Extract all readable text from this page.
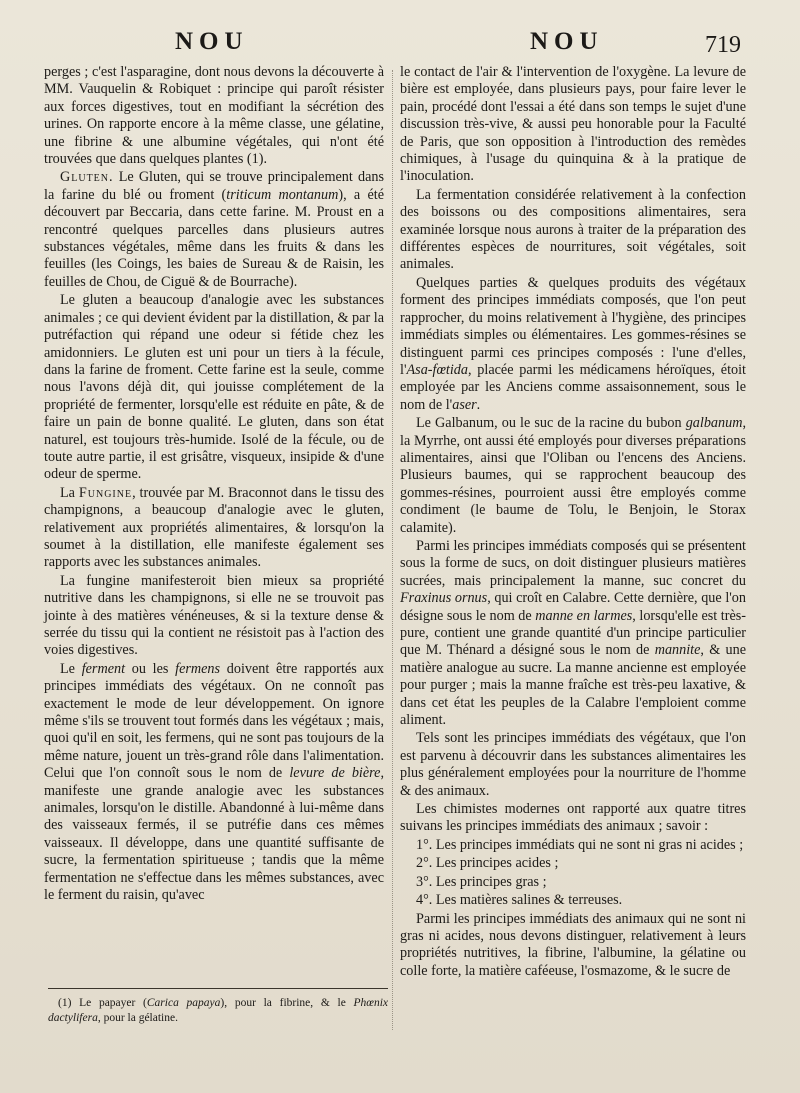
NOU	NOU	719

perges ; c'est l'asparagine, dont nous devons la découverte à MM. Vauquelin & Robiquet : principe qui paroît résister aux forces digestives, tout en modifiant la sécrétion des urines. On rapporte encore à la même classe, une gélatine, une fibrine & une albumine végétales, qui n'ont été trouvées que dans quelques plantes (1).

Gluten. Le Gluten, qui se trouve principalement dans la farine du blé ou froment (triticum montanum), a été découvert par Beccaria, dans cette farine. M. Proust en a rencontré quelques parcelles dans plusieurs autres substances végétales, même dans les fruits & dans les feuilles (les Coings, les baies de Sureau & de Raisin, les feuilles de Chou, de Ciguë & de Bourrache).

Le gluten a beaucoup d'analogie avec les substances animales ; ce qui devient évident par la distillation, & par la putréfaction qui répand une odeur si fétide chez les amidonniers. Le gluten est uni pour un tiers à la fécule, dans la farine de froment. Cette farine est la seule, comme nous l'avons déjà dit, qui jouisse complétement de la propriété de fermenter, lorsqu'elle est réduite en pâte, & de faire un pain de bonne qualité. Le gluten, dans son état naturel, est toujours très-humide. Isolé de la fécule, ou de toute autre partie, il est grisâtre, visqueux, insipide & d'une odeur de sperme.

La Fungine, trouvée par M. Braconnot dans le tissu des champignons, a beaucoup d'analogie avec le gluten, relativement aux propriétés alimentaires, & lorsqu'on la soumet à la distillation, elle manifeste également ses rapports avec les substances animales.

La fungine manifesteroit bien mieux sa propriété nutritive dans les champignons, si elle ne se trouvoit pas jointe à des matières vénéneuses, & si la texture dense & serrée du tissu qui la contient ne résistoit pas à l'action des voies digestives.

Le ferment ou les fermens doivent être rapportés aux principes immédiats des végétaux. On ne connoît pas exactement le mode de leur développement. On ignore même s'ils se trouvent tout formés dans les végétaux ; mais, quoi qu'il en soit, les fermens, qui ne sont pas toujours de la même nature, jouent un très-grand rôle dans l'alimentation. Celui que l'on connoît sous le nom de levure de bière, manifeste une grande analogie avec les substances animales, lorsqu'on le distille. Abandonné à lui-même dans des vaisseaux fermés, il se putréfie dans ces mêmes vaisseaux. Il développe, dans une quantité suffisante de sucre, la fermentation spiritueuse ; tandis que la même fermentation ne s'effectue dans les mêmes substances, avec le ferment du raisin, qu'avec

(1) Le papayer (Carica papaya), pour la fibrine, & le Phœnix dactylifera, pour la gélatine.

le contact de l'air & l'intervention de l'oxygène. La levure de bière est employée, dans plusieurs pays, pour faire lever le pain, procédé dont l'essai a été dans son temps le sujet d'une discussion très-vive, & aussi peu honorable pour la Faculté de Paris, que son opposition à l'introduction des remèdes chimiques, à l'usage du quinquina & à la pratique de l'inoculation.

La fermentation considérée relativement à la confection des boissons ou des compositions alimentaires, sera examinée lorsque nous aurons à traiter de la préparation des différentes espèces de nourritures, soit végétales, soit animales.

Quelques parties & quelques produits des végétaux forment des principes immédiats composés, que l'on peut rapprocher, du moins relativement à l'hygiène, des principes immédiats simples ou élémentaires. Les gommes-résines se distinguent parmi ces principes composés : l'une d'elles, l'Asa-fœtida, placée parmi les médicamens héroïques, étoit employée par les Anciens comme assaisonnement, sous le nom de l'aser.

Le Galbanum, ou le suc de la racine du bubon galbanum, la Myrrhe, ont aussi été employés pour diverses préparations alimentaires, ainsi que l'Oliban ou l'encens des Anciens. Plusieurs baumes, qui se rapprochent beaucoup des gommes-résines, pourroient aussi être employés comme condiment (le baume de Tolu, le Benjoin, le Storax calamite).

Parmi les principes immédiats composés qui se présentent sous la forme de sucs, on doit distinguer plusieurs matières sucrées, mais principalement la manne, suc concret du Fraxinus ornus, qui croît en Calabre. Cette dernière, que l'on désigne sous le nom de manne en larmes, lorsqu'elle est très-pure, contient une grande quantité d'un principe particulier que M. Thénard a désigné sous le nom de mannite, & une matière analogue au sucre. La manne ancienne est employée pour purger ; mais la manne fraîche est très-peu laxative, & dans cet état les peuples de la Calabre l'emploient comme aliment.

Tels sont les principes immédiats des végétaux, que l'on est parvenu à découvrir dans les substances alimentaires les plus généralement employées pour la nourriture de l'homme & des animaux.

Les chimistes modernes ont rapporté aux quatre titres suivans les principes immédiats des animaux ; savoir :

1°. Les principes immédiats qui ne sont ni gras ni acides ;

2°. Les principes acides ;

3°. Les principes gras ;

4°. Les matières salines & terreuses.

Parmi les principes immédiats des animaux qui ne sont ni gras ni acides, nous devons distinguer, relativement à leurs propriétés nutritives, la fibrine, l'albumine, la gélatine ou colle forte, la matière caféeuse, l'osmazome, & le sucre de
